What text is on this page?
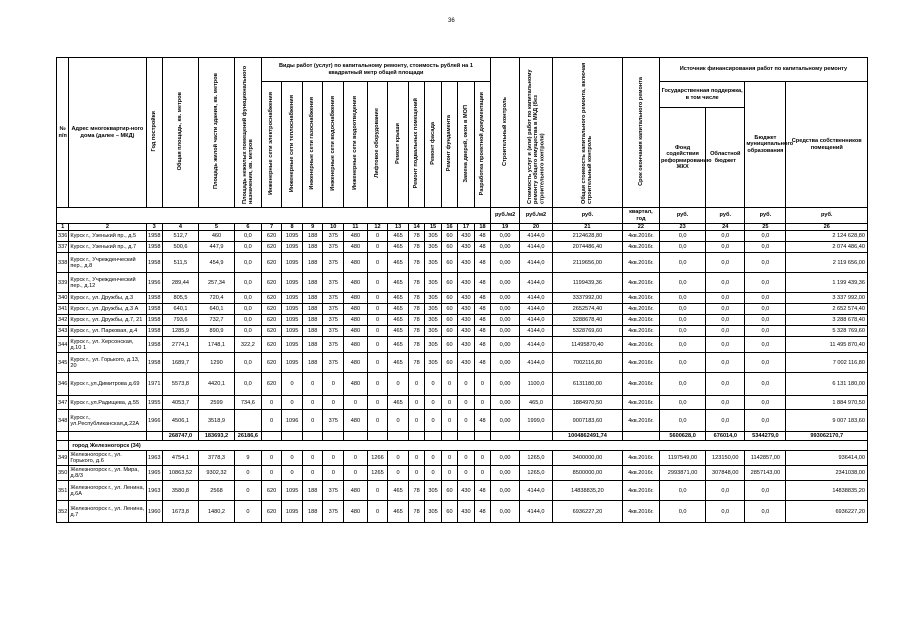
36
№ п/п	Адрес многоквартир-ного дома (далее – МКД)	Год постройки	Общая площадь, кв. метров	Площадь жилой части здания, кв. метров	Площадь нежилых помещений функционального назначения, кв. метров	Виды работ (услуг) по капитальному ремонту, стоимость рублей на 1 квадратный метр общей площади												Строительный контроль	Стоимость услуг и (или) работ по капитальному ремонту общего имущества в МКД (без строительного контроля)	Общая стоимость капитального ремонта, включая строительный контроль	Срок окончания капитального ремонта	Источник финансирования работ по капитальному ремонту			
						Инженерные сети электроснабжения	Инженерные сети теплоснабжения	Инженерные сети газоснабжения	Инженерные сети водоснабжения	Инженерные сети водоотведения	Лифтовое оборудование	Ремонт крыши	Ремонт подвальных помещений	Ремонт фасада	Ремонт фундамента	Замена дверей, окон в МОП	Разработка проектной документации					Государственная поддержка, в том числе		Бюджет муниципального образования	Средства собственников помещений
																						Фонд содействия реформированию ЖКХ	Областной бюджет		
																		руб./м2	руб./м2	руб.	квартал, год	руб.	руб.	руб.	руб.
1	2	3	4	5	6	7	8	9	10	11	12	13	14	15	16	17	18	19	20	21	22	23	24	25	26
336	Курск г., Узенький пр., д.5	1958	512,7	460	0,0	620	1095	188	375	480	0	465	78	305	60	430	48	0,00	4144,0	2124628,80	4кв.2016г.	0,0	0,0	0,0	2 124 628,80
337	Курск г., Узенький пр., д.7	1958	500,6	447,9	0,0	620	1095	188	375	480	0	465	78	305	60	430	48	0,00	4144,0	2074486,40	4кв.2016г.	0,0	0,0	0,0	2 074 486,40
338	Курск г., Учрежденческий пер., д.8	1958	511,5	454,9	0,0	620	1095	188	375	480	0	465	78	305	60	430	48	0,00	4144,0	2119656,00	4кв.2016г.	0,0	0,0	0,0	2 119 656,00
339	Курск г., Учрежденческий пер., д.12	1956	289,44	257,34	0,0	620	1095	188	375	480	0	465	78	305	60	430	48	0,00	4144,0	1199439,36	4кв.2016г.	0,0	0,0	0,0	1 199 439,36
340	Курск г., ул. Дружбы, д.3	1958	805,5	720,4	0,0	620	1095	188	375	480	0	465	78	305	60	430	48	0,00	4144,0	3337992,00	4кв.2016г.	0,0	0,0	0,0	3 337 992,00
341	Курск г., ул. Дружбы, д.3 А	1958	640,1	640,1	0,0	620	1095	188	375	480	0	465	78	305	60	430	48	0,00	4144,0	2652574,40	4кв.2016г.	0,0	0,0	0,0	2 652 574,40
342	Курск г., ул. Дружбы, д.7, 21	1958	793,6	732,7	0,0	620	1095	188	375	480	0	465	78	305	60	430	48	0,00	4144,0	3288678,40	4кв.2016г.	0,0	0,0	0,0	3 288 678,40
343	Курск г., ул. Парковая, д.4	1958	1285,9	890,9	0,0	620	1095	188	375	480	0	465	78	305	60	430	48	0,00	4144,0	5328769,60	4кв.2016г.	0,0	0,0	0,0	5 328 769,60
344	Курск г., ул. Херсонская, д.10 1	1958	2774,1	1748,1	322,2	620	1095	188	375	480	0	465	78	305	60	430	48	0,00	4144,0	11495870,40	4кв.2016г.	0,0	0,0	0,0	11 495 870,40
345	Курск г., ул. Горького, д.13, 20	1958	1689,7	1290	0,0	620	1095	188	375	480	0	465	78	305	60	430	48	0,00	4144,0	7002116,80	4кв.2016г.	0,0	0,0	0,0	7 002 116,80
346	Курск г.,ул.Димитрова д.69	1971	5573,8	4420,1	0,0	620	0	0	0	480	0	0	0	0	0	0	0	0,00	1100,0	6131180,00	4кв.2016г.	0,0	0,0	0,0	6 131 180,00
347	Курск г.,ул.Радищева, д.55	1955	4053,7	2599	734,6	0	0	0	0	0	0	465	0	0	0	0	0	0,00	465,0	1884970,50	4кв.2016г.	0,0	0,0	0,0	1 884 970,50
348	Курск г., ул.Республиканская,д.22А	1966	4506,1	3518,9		0	1096	0	375	480	0	0	0	0	0	0	48	0,00	1999,0	9007183,60	4кв.2016г.	0,0	0,0	0,0	9 007 183,60
			268747,0	183693,2	26186,6															1004862491,74		5600628,0	676014,0	5344279,0	993062170,7
	город Железногорск (34)																								
349	Железногорск г., ул. Горького, д.6	1963	4754,1	3778,3	9	0	0	0	0	0	1266	0	0	0	0	0	0	0,00	1265,0	3400000,00	4кв.2016г.	1197549,00	123150,00	1142857,00	936414,00
350	Железногорск г., ул. Мира, д.8/3	1965	10863,52	9302,32	0	0	0	0	0	0	1265	0	0	0	0	0	0	0,00	1265,0	8500000,00	4кв.2016г.	2993871,00	307848,00	2857143,00	2341038,00
351	Железногорск г., ул. Ленина, д.6А	1963	3580,8	2568	0	620	1095	188	375	480	0	465	78	305	60	430	48	0,00	4144,0	14838835,20	4кв.2016г.	0,0	0,0	0,0	14838835,20
352	Железногорск г., ул. Ленина, д.7	1960	1673,8	1480,2	0	620	1095	188	375	480	0	465	78	305	60	430	48	0,00	4144,0	6936227,20	4кв.2016г.	0,0	0,0	0,0	6936227,20
